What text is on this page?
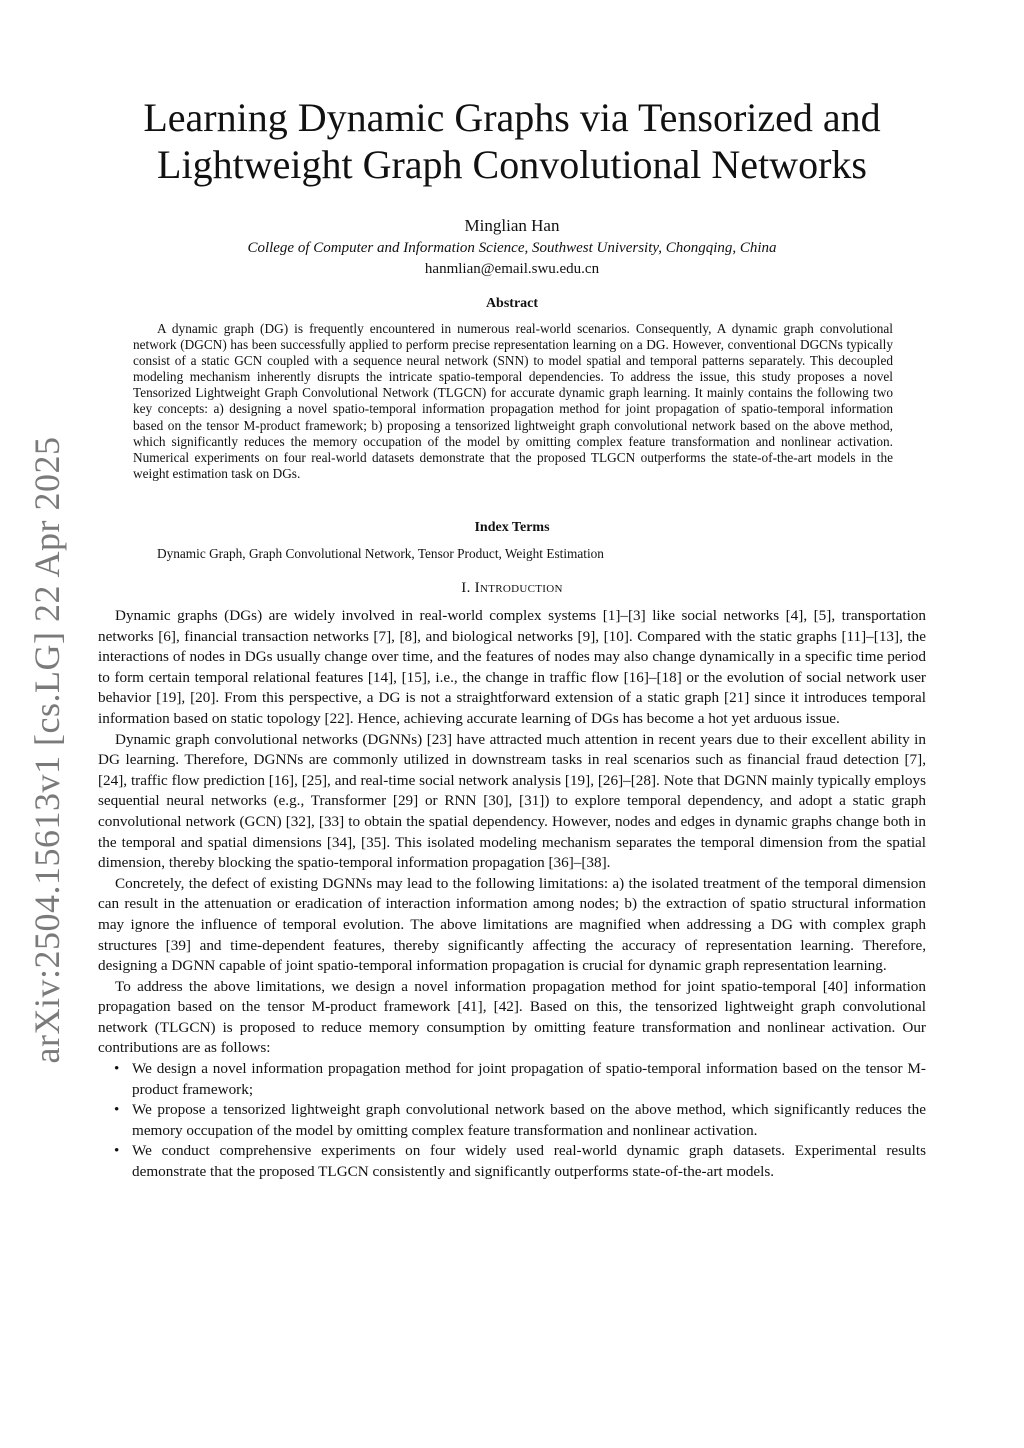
arXiv:2504.15613v1 [cs.LG] 22 Apr 2025
Learning Dynamic Graphs via Tensorized and
Lightweight Graph Convolutional Networks
Minglian Han
College of Computer and Information Science, Southwest University, Chongqing, China
hanmlian@email.swu.edu.cn
Abstract

A dynamic graph (DG) is frequently encountered in numerous real-world scenarios. Consequently, A dynamic graph convolutional network (DGCN) has been successfully applied to perform precise representation learning on a DG. However, conventional DGCNs typically consist of a static GCN coupled with a sequence neural network (SNN) to model spatial and temporal patterns separately. This decoupled modeling mechanism inherently disrupts the intricate spatio-temporal dependencies. To address the issue, this study proposes a novel Tensorized Lightweight Graph Convolutional Network (TLGCN) for accurate dynamic graph learning. It mainly contains the following two key concepts: a) designing a novel spatio-temporal information propagation method for joint propagation of spatio-temporal information based on the tensor M-product framework; b) proposing a tensorized lightweight graph convolutional network based on the above method, which significantly reduces the memory occupation of the model by omitting complex feature transformation and nonlinear activation. Numerical experiments on four real-world datasets demonstrate that the proposed TLGCN outperforms the state-of-the-art models in the weight estimation task on DGs.

Index Terms

Dynamic Graph, Graph Convolutional Network, Tensor Product, Weight Estimation

I. Introduction

Dynamic graphs (DGs) are widely involved in real-world complex systems [1]–[3] like social networks [4], [5], transportation networks [6], financial transaction networks [7], [8], and biological networks [9], [10]. Compared with the static graphs [11]–[13], the interactions of nodes in DGs usually change over time, and the features of nodes may also change dynamically in a specific time period to form certain temporal relational features [14], [15], i.e., the change in traffic flow [16]–[18] or the evolution of social network user behavior [19], [20]. From this perspective, a DG is not a straightforward extension of a static graph [21] since it introduces temporal information based on static topology [22]. Hence, achieving accurate learning of DGs has become a hot yet arduous issue.

Dynamic graph convolutional networks (DGNNs) [23] have attracted much attention in recent years due to their excellent ability in DG learning. Therefore, DGNNs are commonly utilized in downstream tasks in real scenarios such as financial fraud detection [7], [24], traffic flow prediction [16], [25], and real-time social network analysis [19], [26]–[28]. Note that DGNN mainly typically employs sequential neural networks (e.g., Transformer [29] or RNN [30], [31]) to explore temporal dependency, and adopt a static graph convolutional network (GCN) [32], [33] to obtain the spatial dependency. However, nodes and edges in dynamic graphs change both in the temporal and spatial dimensions [34], [35]. This isolated modeling mechanism separates the temporal dimension from the spatial dimension, thereby blocking the spatio-temporal information propagation [36]–[38].

Concretely, the defect of existing DGNNs may lead to the following limitations: a) the isolated treatment of the temporal dimension can result in the attenuation or eradication of interaction information among nodes; b) the extraction of spatio structural information may ignore the influence of temporal evolution. The above limitations are magnified when addressing a DG with complex graph structures [39] and time-dependent features, thereby significantly affecting the accuracy of representation learning. Therefore, designing a DGNN capable of joint spatio-temporal information propagation is crucial for dynamic graph representation learning.

To address the above limitations, we design a novel information propagation method for joint spatio-temporal [40] information propagation based on the tensor M-product framework [41], [42]. Based on this, the tensorized lightweight graph convolutional network (TLGCN) is proposed to reduce memory consumption by omitting feature transformation and nonlinear activation. Our contributions are as follows:

• We design a novel information propagation method for joint propagation of spatio-temporal information based on the tensor M-product framework;
• We propose a tensorized lightweight graph convolutional network based on the above method, which significantly reduces the memory occupation of the model by omitting complex feature transformation and nonlinear activation.
• We conduct comprehensive experiments on four widely used real-world dynamic graph datasets. Experimental results demonstrate that the proposed TLGCN consistently and significantly outperforms state-of-the-art models.
